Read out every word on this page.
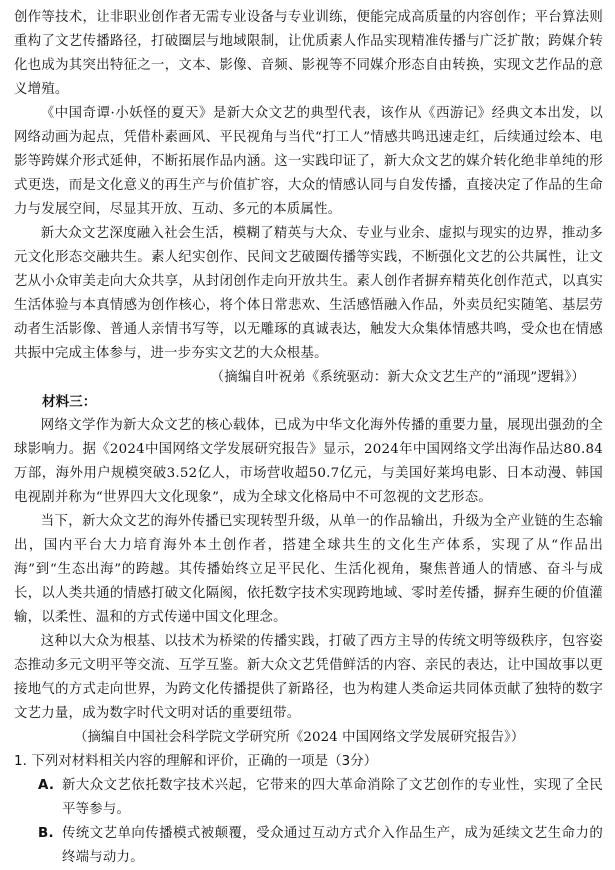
创作等技术，让非职业创作者无需专业设备与专业训练，便能完成高质量的内容创作；平台算法则重构了文艺传播路径，打破圈层与地域限制，让优质素人作品实现精准传播与广泛扩散；跨媒介转化也成为其突出特征之一，文本、影像、音频、影视等不同媒介形态自由转换，实现文艺作品的意义增殖。

《中国奇谭·小妖怪的夏天》是新大众文艺的典型代表，该作从《西游记》经典文本出发，以网络动画为起点，凭借朴素画风、平民视角与当代“打工人”情感共鸣迅速走红，后续通过绘本、电影等跨媒介形式延伸，不断拓展作品内涵。这一实践印证了，新大众文艺的媒介转化绝非单纯的形式更迭，而是文化意义的再生产与价值扩容，大众的情感认同与自发传播，直接决定了作品的生命力与发展空间，尽显其开放、互动、多元的本质属性。

新大众文艺深度融入社会生活，模糊了精英与大众、专业与业余、虚拟与现实的边界，推动多元文化形态交融共生。素人纪实创作、民间文艺破圈传播等实践，不断强化文艺的公共属性，让文艺从小众审美走向大众共享，从封闭创作走向开放共生。素人创作者摒弃精英化创作范式，以真实生活体验与本真情感为创作核心，将个体日常悲欢、生活感悟融入作品，外卖员纪实随笔、基层劳动者生活影像、普通人亲情书写等，以无雕琢的真诚表达，触发大众集体情感共鸣，受众也在情感共振中完成主体参与，进一步夯实文艺的大众根基。

（摘编自叶祝弟《系统驱动：新大众文艺生产的“涌现”逻辑》）

材料三：

网络文学作为新大众文艺的核心载体，已成为中华文化海外传播的重要力量，展现出强劲的全球影响力。据《2024中国网络文学发展研究报告》显示，2024年中国网络文学出海作品达80.84万部，海外用户规模突破3.52亿人，市场营收超50.7亿元，与美国好莱坞电影、日本动漫、韩国电视剧并称为“世界四大文化现象”，成为全球文化格局中不可忽视的文艺形态。

当下，新大众文艺的海外传播已实现转型升级，从单一的作品输出，升级为全产业链的生态输出，国内平台大力培育海外本土创作者，搭建全球共生的文化生产体系，实现了从“作品出海”到“生态出海”的跨越。其传播始终立足平民化、生活化视角，聚焦普通人的情感、奋斗与成长，以人类共通的情感打破文化隔阂，依托数字技术实现跨地域、零时差传播，摒弃生硬的价值灌输，以柔性、温和的方式传递中国文化理念。

这种以大众为根基、以技术为桥梁的传播实践，打破了西方主导的传统文明等级秩序，包容姿态推动多元文明平等交流、互学互鉴。新大众文艺凭借鲜活的内容、亲民的表达，让中国故事以更接地气的方式走向世界，为跨文化传播提供了新路径，也为构建人类命运共同体贡献了独特的数字文艺力量，成为数字时代文明对话的重要纽带。

（摘编自中国社会科学院文学研究所《2024 中国网络文学发展研究报告》）

1. 下列对材料相关内容的理解和评价，正确的一项是（3分）

A. 新大众文艺依托数字技术兴起，它带来的四大革命消除了文艺创作的专业性，实现了全民平等参与。
B. 传统文艺单向传播模式被颠覆，受众通过互动方式介入作品生产，成为延续文艺生命力的终端与动力。
